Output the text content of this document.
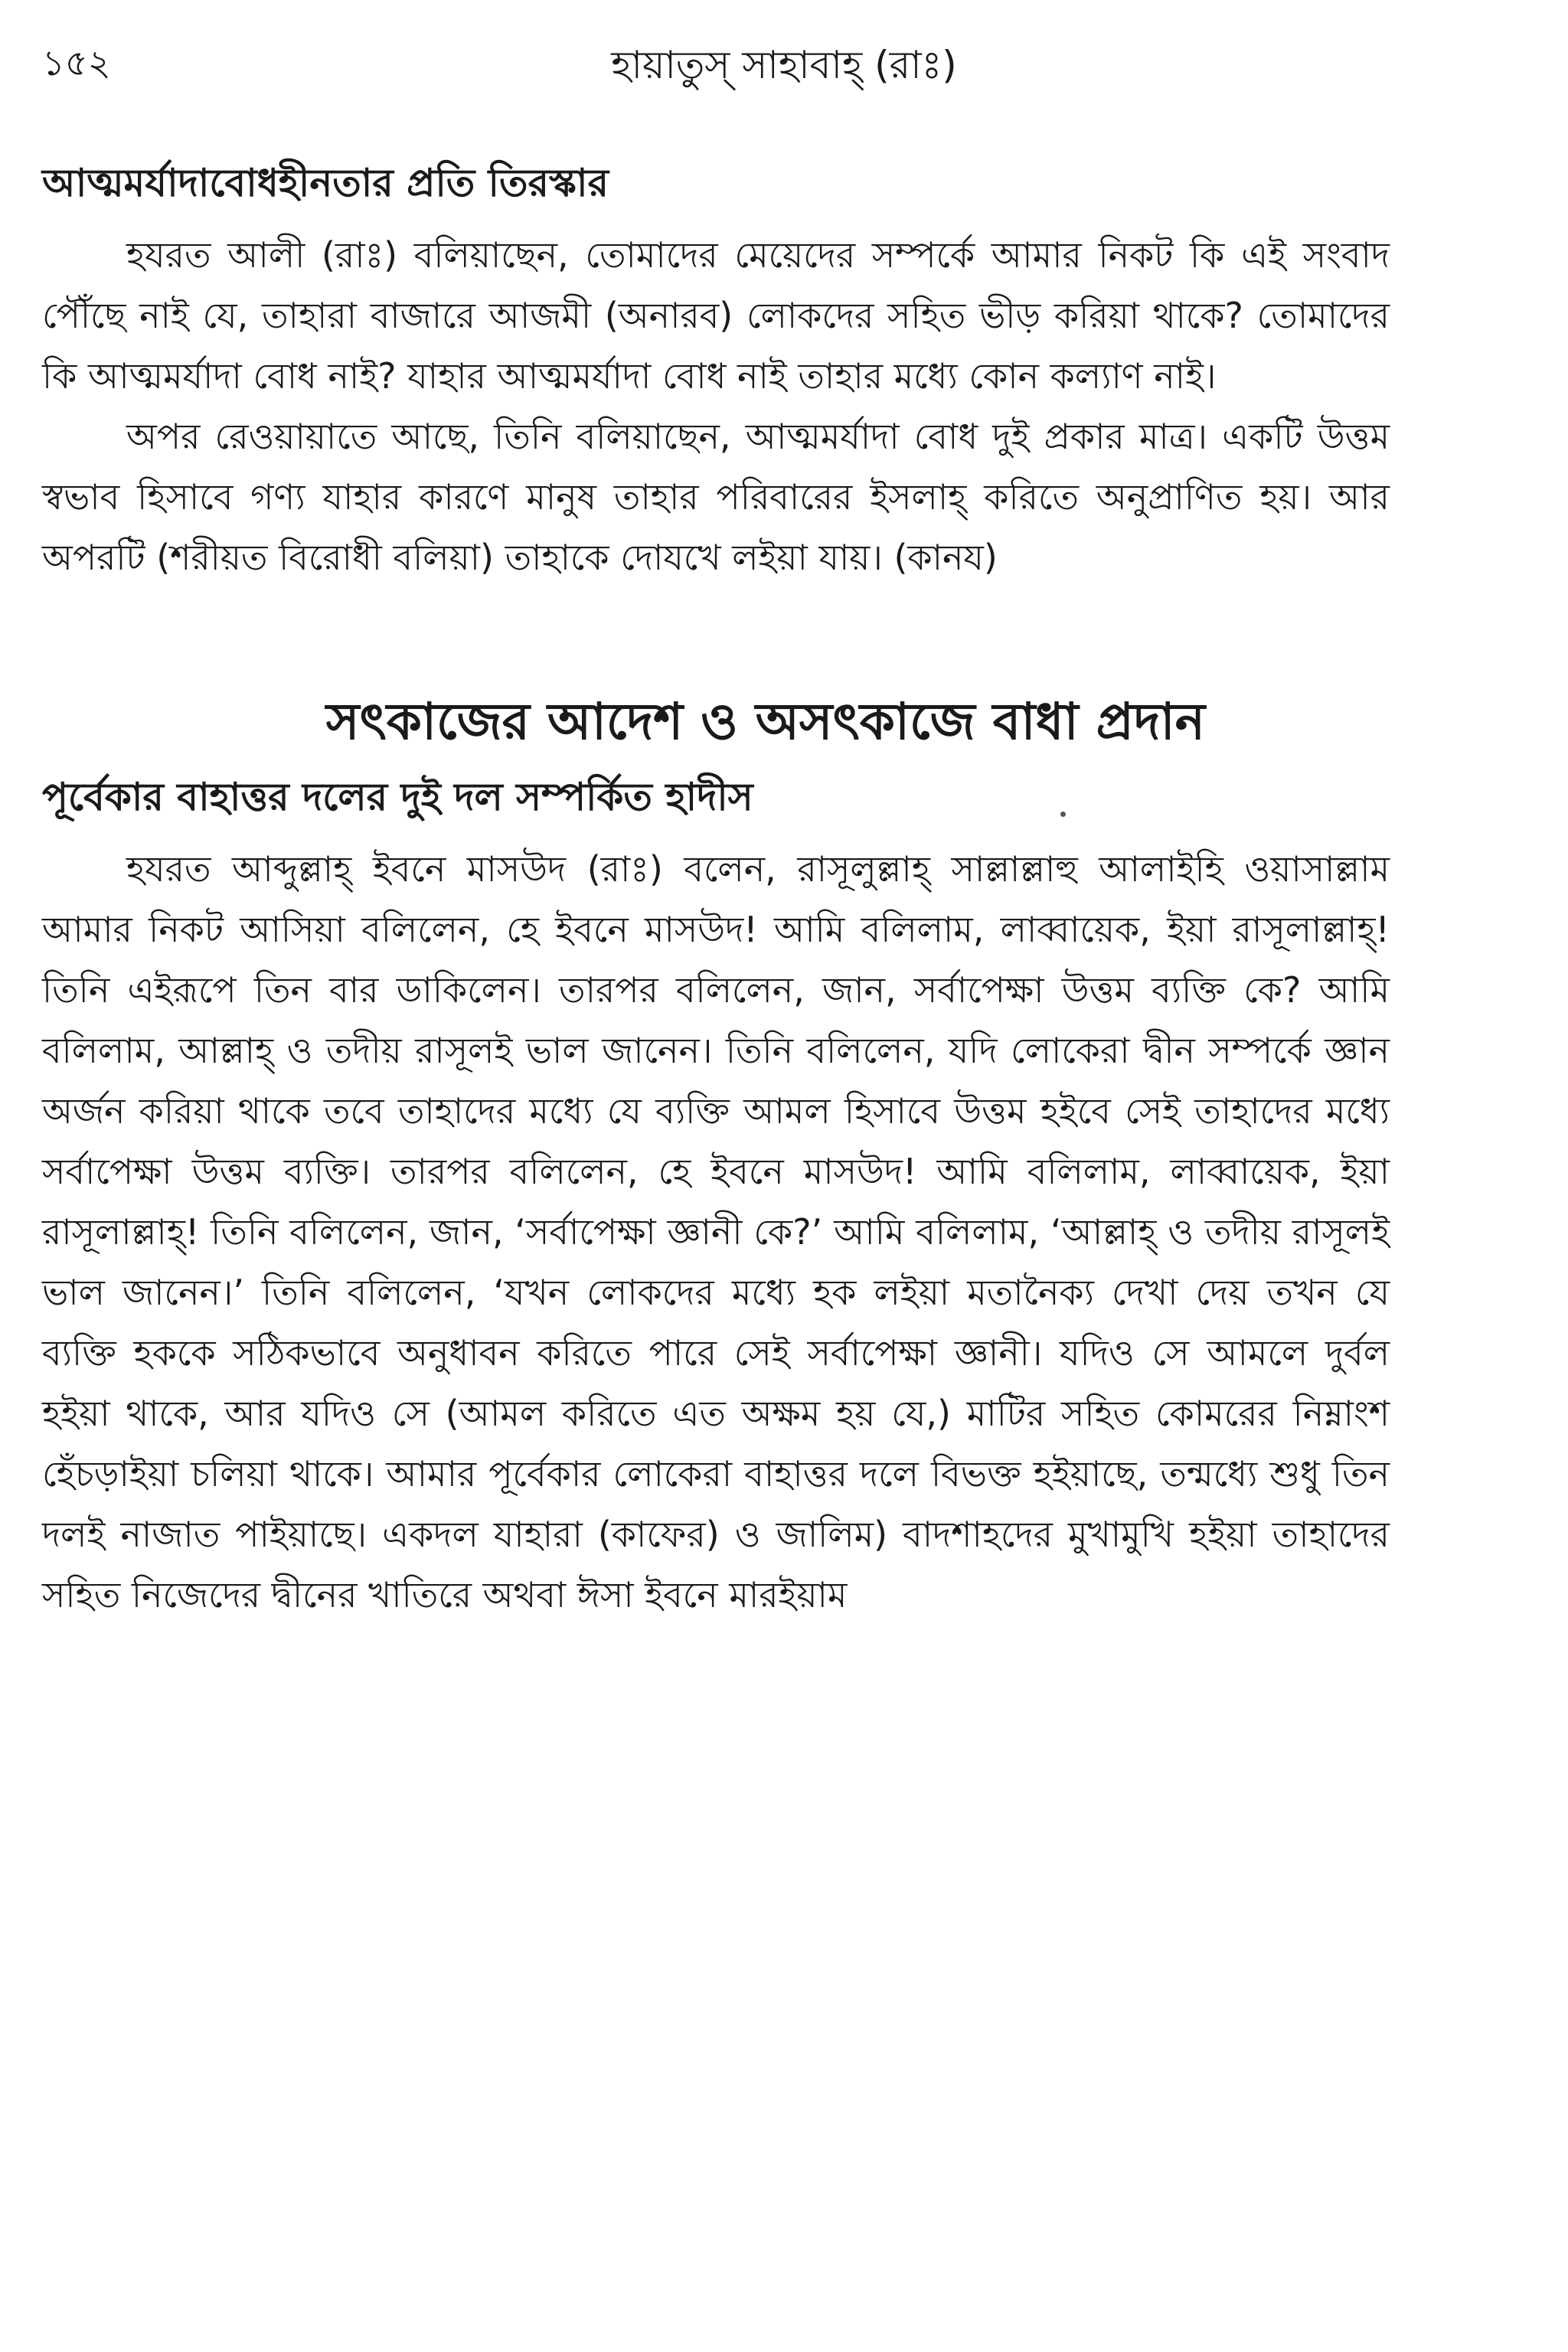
১৫২	হায়াতুস্ সাহাবাহ্ (রাঃ)
আত্মমর্যাদাবোধহীনতার প্রতি তিরস্কার

হযরত আলী (রাঃ) বলিয়াছেন, তোমাদের মেয়েদের সম্পর্কে আমার নিকট কি এই সংবাদ পৌঁছে নাই যে, তাহারা বাজারে আজমী (অনারব) লোকদের সহিত ভীড় করিয়া থাকে? তোমাদের কি আত্মমর্যাদা বোধ নাই? যাহার আত্মমর্যাদা বোধ নাই তাহার মধ্যে কোন কল্যাণ নাই।

অপর রেওয়ায়াতে আছে, তিনি বলিয়াছেন, আত্মমর্যাদা বোধ দুই প্রকার মাত্র। একটি উত্তম স্বভাব হিসাবে গণ্য যাহার কারণে মানুষ তাহার পরিবারের ইসলাহ্ করিতে অনুপ্রাণিত হয়। আর অপরটি (শরীয়ত বিরোধী বলিয়া) তাহাকে দোযখে লইয়া যায়। (কানয)

সৎকাজের আদেশ ও অসৎকাজে বাধা প্রদান
পূর্বেকার বাহাত্তর দলের দুই দল সম্পর্কিত হাদীস

হযরত আব্দুল্লাহ্ ইবনে মাসউদ (রাঃ) বলেন, রাসূলুল্লাহ্ সাল্লাল্লাহু আলাইহি ওয়াসাল্লাম আমার নিকট আসিয়া বলিলেন, হে ইবনে মাসউদ! আমি বলিলাম, লাব্বায়েক, ইয়া রাসূলাল্লাহ্! তিনি এইরূপে তিন বার ডাকিলেন। তারপর বলিলেন, জান, সর্বাপেক্ষা উত্তম ব্যক্তি কে? আমি বলিলাম, আল্লাহ্ ও তদীয় রাসূলই ভাল জানেন। তিনি বলিলেন, যদি লোকেরা দ্বীন সম্পর্কে জ্ঞান অর্জন করিয়া থাকে তবে তাহাদের মধ্যে যে ব্যক্তি আমল হিসাবে উত্তম হইবে সেই তাহাদের মধ্যে সর্বাপেক্ষা উত্তম ব্যক্তি। তারপর বলিলেন, হে ইবনে মাসউদ! আমি বলিলাম, লাব্বায়েক, ইয়া রাসূলাল্লাহ্! তিনি বলিলেন, জান, ‘সর্বাপেক্ষা জ্ঞানী কে?’ আমি বলিলাম, ‘আল্লাহ্ ও তদীয় রাসূলই ভাল জানেন।’ তিনি বলিলেন, ‘যখন লোকদের মধ্যে হক লইয়া মতানৈক্য দেখা দেয় তখন যে ব্যক্তি হককে সঠিকভাবে অনুধাবন করিতে পারে সেই সর্বাপেক্ষা জ্ঞানী। যদিও সে আমলে দুর্বল হইয়া থাকে, আর যদিও সে (আমল করিতে এত অক্ষম হয় যে,) মাটির সহিত কোমরের নিম্নাংশ হেঁচড়াইয়া চলিয়া থাকে। আমার পূর্বেকার লোকেরা বাহাত্তর দলে বিভক্ত হইয়াছে, তন্মধ্যে শুধু তিন দলই নাজাত পাইয়াছে। একদল যাহারা (কাফের) ও জালিম) বাদশাহদের মুখামুখি হইয়া তাহাদের সহিত নিজেদের দ্বীনের খাতিরে অথবা ঈসা ইবনে মারইয়াম
